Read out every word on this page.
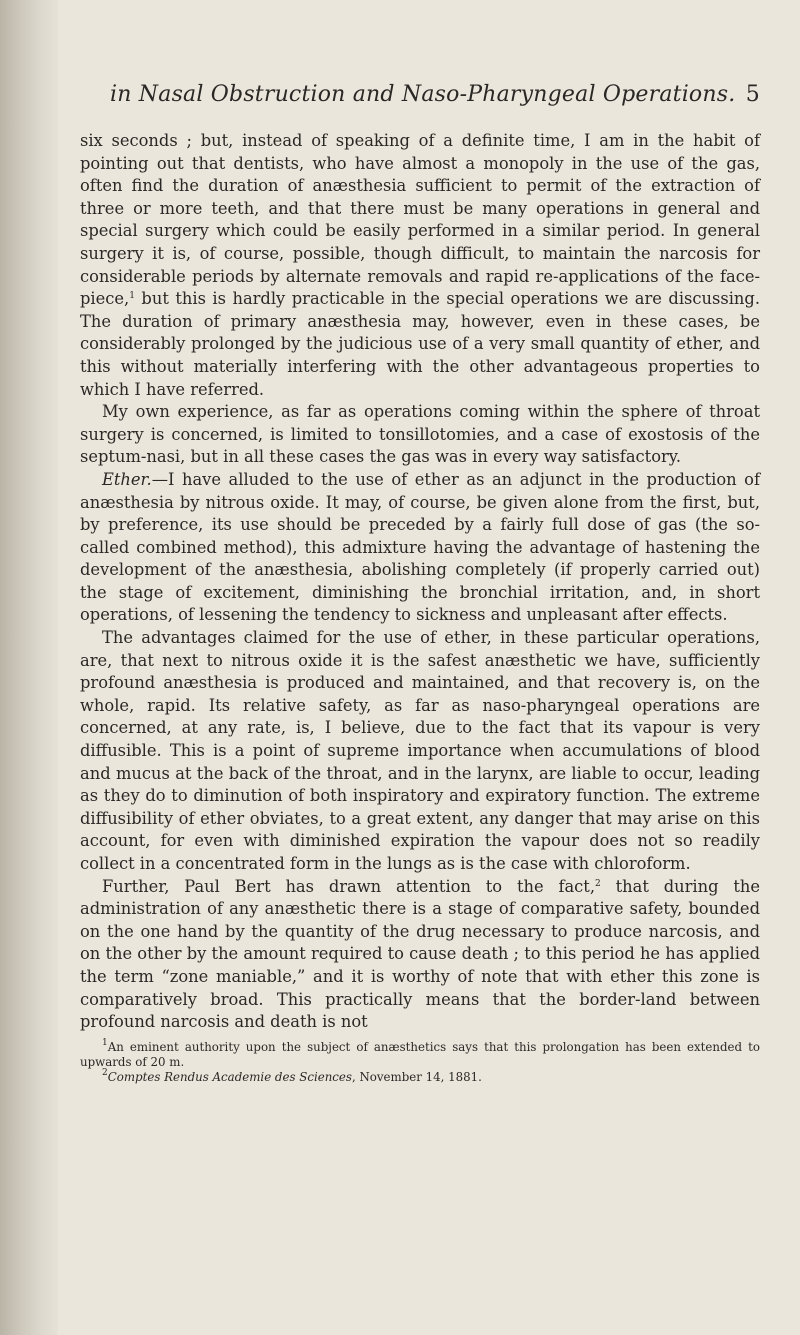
in Nasal Obstruction and Naso-Pharyngeal Operations. 5

six seconds ; but, instead of speaking of a definite time, I am in the habit of pointing out that dentists, who have almost a monopoly in the use of the gas, often find the duration of anæsthesia sufficient to permit of the extraction of three or more teeth, and that there must be many operations in general and special surgery which could be easily performed in a similar period. In general surgery it is, of course, possible, though difficult, to maintain the narcosis for considerable periods by alternate removals and rapid re-applications of the face-piece,$^1$ but this is hardly practicable in the special operations we are discussing. The duration of primary anæsthesia may, however, even in these cases, be considerably prolonged by the judicious use of a very small quantity of ether, and this without materially interfering with the other advantageous properties to which I have referred.

My own experience, as far as operations coming within the sphere of throat surgery is concerned, is limited to tonsillotomies, and a case of exostosis of the septum-nasi, but in all these cases the gas was in every way satisfactory.

Ether.—I have alluded to the use of ether as an adjunct in the production of anæsthesia by nitrous oxide. It may, of course, be given alone from the first, but, by preference, its use should be preceded by a fairly full dose of gas (the so-called combined method), this admixture having the advantage of hastening the development of the anæsthesia, abolishing completely (if properly carried out) the stage of excitement, diminishing the bronchial irritation, and, in short operations, of lessening the tendency to sickness and unpleasant after effects.

The advantages claimed for the use of ether, in these particular operations, are, that next to nitrous oxide it is the safest anæsthetic we have, sufficiently profound anæsthesia is produced and maintained, and that recovery is, on the whole, rapid. Its relative safety, as far as naso-pharyngeal operations are concerned, at any rate, is, I believe, due to the fact that its vapour is very diffusible. This is a point of supreme importance when accumulations of blood and mucus at the back of the throat, and in the larynx, are liable to occur, leading as they do to diminution of both inspiratory and expiratory function. The extreme diffusibility of ether obviates, to a great extent, any danger that may arise on this account, for even with diminished expiration the vapour does not so readily collect in a concentrated form in the lungs as is the case with chloroform.

Further, Paul Bert has drawn attention to the fact,$^2$ that during the administration of any anæsthetic there is a stage of comparative safety, bounded on the one hand by the quantity of the drug necessary to produce narcosis, and on the other by the amount required to cause death ; to this period he has applied the term “zone maniable,” and it is worthy of note that with ether this zone is comparatively broad. This practically means that the border-land between profound narcosis and death is not

$^1$An eminent authority upon the subject of anæsthetics says that this prolongation has been extended to upwards of 20 m.

$^2$Comptes Rendus Academie des Sciences, November 14, 1881.
